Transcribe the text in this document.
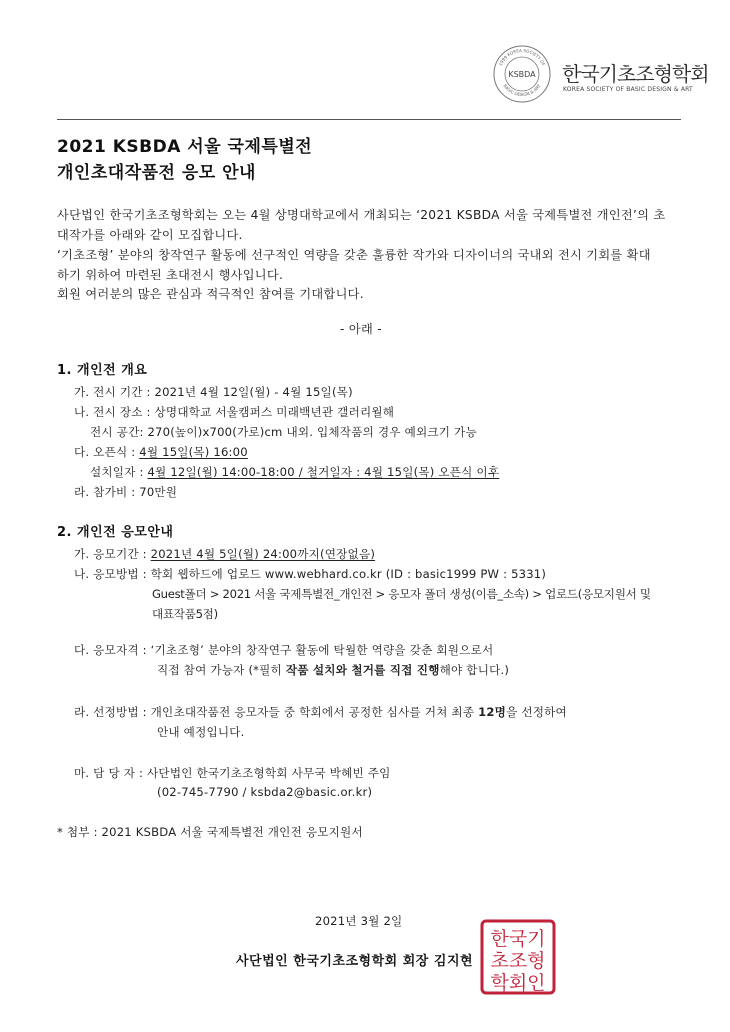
1999 KOREA SOCIETY OF
BASIC DESIGN & ART
KSBDA 한국기초조형학회
KOREA SOCIETY OF BASIC DESIGN & ART
2021 KSBDA 서울 국제특별전
개인초대작품전 응모 안내
사단법인 한국기초조형학회는 오는 4월 상명대학교에서 개최되는 ‘2021 KSBDA 서울 국제특별전 개인전’의 초
대작가를 아래와 같이 모집합니다.
‘기초조형’ 분야의 창작연구 활동에 선구적인 역량을 갖춘 훌륭한 작가와 디자이너의 국내외 전시 기회를 확대
하기 위하여 마련된 초대전시 행사입니다.
회원 여러분의 많은 관심과 적극적인 참여를 기대합니다.
- 아래 -
1. 개인전 개요
가. 전시 기간 : 2021년 4월 12일(월) - 4월 15일(목)
나. 전시 장소 : 상명대학교 서울캠퍼스 미래백년관 갤러리월해
전시 공간: 270(높이)x700(가로)cm 내외. 입체작품의 경우 예외크기 가능
다. 오픈식 : 4월 15일(목) 16:00
설치일자 : 4월 12일(월) 14:00-18:00 / 철거일자 : 4월 15일(목) 오픈식 이후
라. 참가비 : 70만원
2. 개인전 응모안내
가. 응모기간 : 2021년 4월 5일(월) 24:00까지(연장없음)
나. 응모방법 : 학회 웹하드에 업로드 www.webhard.co.kr (ID : basic1999 PW : 5331)
Guest폴더 > 2021 서울 국제특별전_개인전 > 응모자 폴더 생성(이름_소속) > 업로드(응모지원서 및
대표작품5점)
다. 응모자격 : ‘기초조형’ 분야의 창작연구 활동에 탁월한 역량을 갖춘 회원으로서
직접 참여 가능자 (*필히 작품 설치와 철거를 직접 진행해야 합니다.)
라. 선정방법 : 개인초대작품전 응모자들 중 학회에서 공정한 심사를 거쳐 최종 12명을 선정하여
안내 예정입니다.
마. 담 당 자 : 사단법인 한국기초조형학회 사무국 박혜빈 주임
(02-745-7790 / ksbda2@basic.or.kr)
* 첨부 : 2021 KSBDA 서울 국제특별전 개인전 응모지원서
2021년 3월 2일
한국기
초조형
학회인
사단법인 한국기초조형학회 회장 김지현
